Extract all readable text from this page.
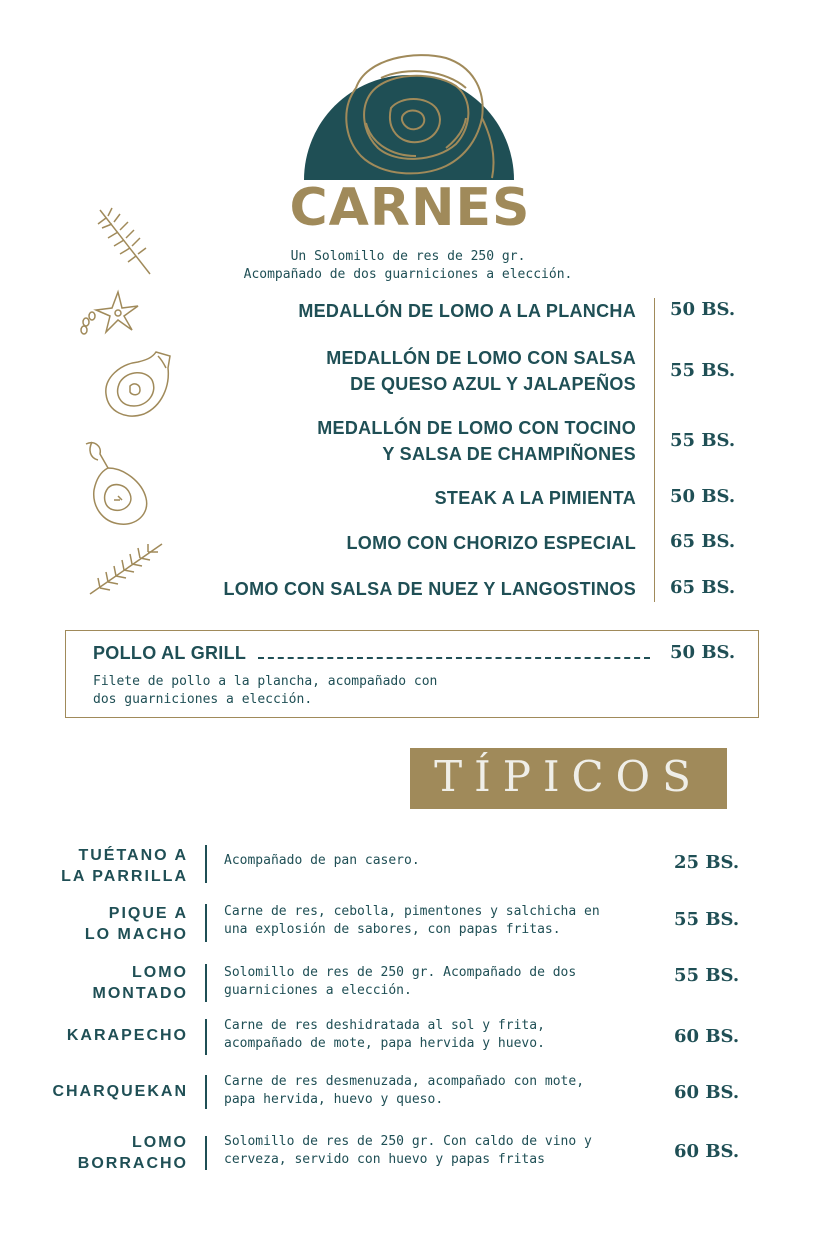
CARNES
Un Solomillo de res de 250 gr.
Acompañado de dos guarniciones a elección.
MEDALLÓN DE LOMO A LA PLANCHA 50 BS.
MEDALLÓN DE LOMO CON SALSA
DE QUESO AZUL Y JALAPEÑOS
55 BS.
MEDALLÓN DE LOMO CON TOCINO
Y SALSA DE CHAMPIÑONES
55 BS.
STEAK A LA PIMIENTA 50 BS.
LOMO CON CHORIZO ESPECIAL 65 BS.
LOMO CON SALSA DE NUEZ Y LANGOSTINOS 65 BS.
POLLO AL GRILL	50 BS.
Filete de pollo a la plancha, acompañado con
dos guarniciones a elección.
TÍPICOS
TUÉTANO A
LA PARRILLA
Acompañado de pan casero.	25 BS.
PIQUE A
LO MACHO
Carne de res, cebolla, pimentones y salchicha en
una explosión de sabores, con papas fritas.	55 BS.
LOMO
MONTADO
Solomillo de res de 250 gr. Acompañado de dos
guarniciones a elección.
55 BS.
KARAPECHO
Carne de res deshidratada al sol y frita,
acompañado de mote, papa hervida y huevo.	60 BS.
CHARQUEKAN
Carne de res desmenuzada, acompañado con mote,
papa hervida, huevo y queso.	60 BS.
LOMO
BORRACHO
Solomillo de res de 250 gr. Con caldo de vino y
cerveza, servido con huevo y papas fritas	60 BS.
